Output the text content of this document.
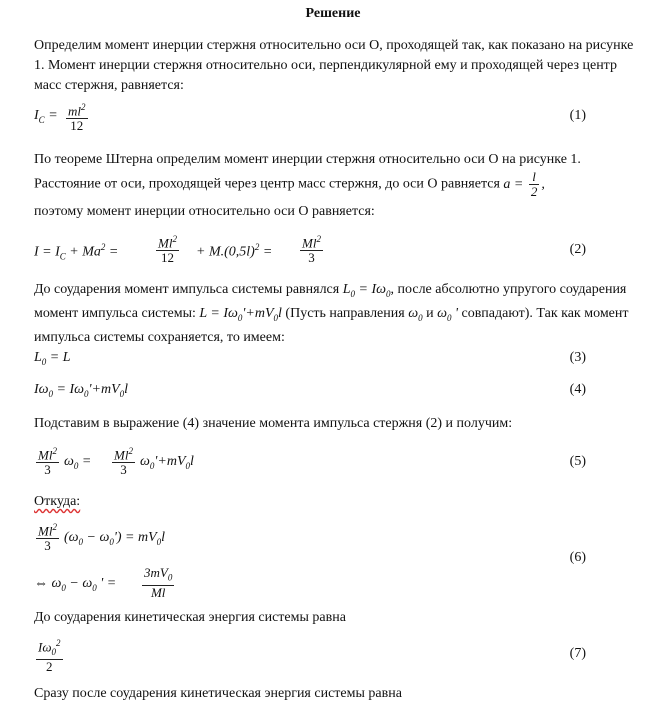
Решение
Определим момент инерции стержня относительно оси О, проходящей так, как показано на рисунке 1. Момент инерции стержня относительно оси, перпендикулярной ему и проходящей через центр масс стержня, равняется:
$I_C = \frac{ml^2}{12}$	(1)
По теореме Штерна определим момент инерции стержня относительно оси О на рисунке 1. Расстояние от оси, проходящей через центр масс стержня, до оси О равняется $a = \frac{l}{2}$ ,
поэтому момент инерции относительно оси О равняется:
$I = I_C + Ma^2$ =	$\frac{Ml^2}{12} + M.(0,5l)^2 = \frac{Ml^2}{3}$	(2)
До соударения момент импульса системы равнялся $L_0 = I\omega_0$, после абсолютно упругого соударения момент импульса системы: $L = I\omega_0'+mV_0l$ (Пусть направления $\omega_0$ и $\omega_0$ ' совпадают). Так как момент импульса системы сохраняется, то имеем:
$L_0 = L$	(3)
$I\omega_0 = I\omega_0'+mV_0l$	(4)
Подставим в выражение (4) значение момента импульса стержня (2) и получим:
$\frac{Ml^2}{3} \omega_0 = \frac{Ml^2}{3} \omega_0'+mV_0l$	(5)
Откуда:
$\frac{Ml^2}{3} (\omega_0 - \omega_0') = mV_0l$
⇔ $\omega_0 - \omega_0$ ' = $\frac{3mV_0}{Ml}$
(6)
До соударения кинетическая энергия системы равна
$\frac{I\omega_0^2}{2}$	(7)
Сразу после соударения кинетическая энергия системы равна
